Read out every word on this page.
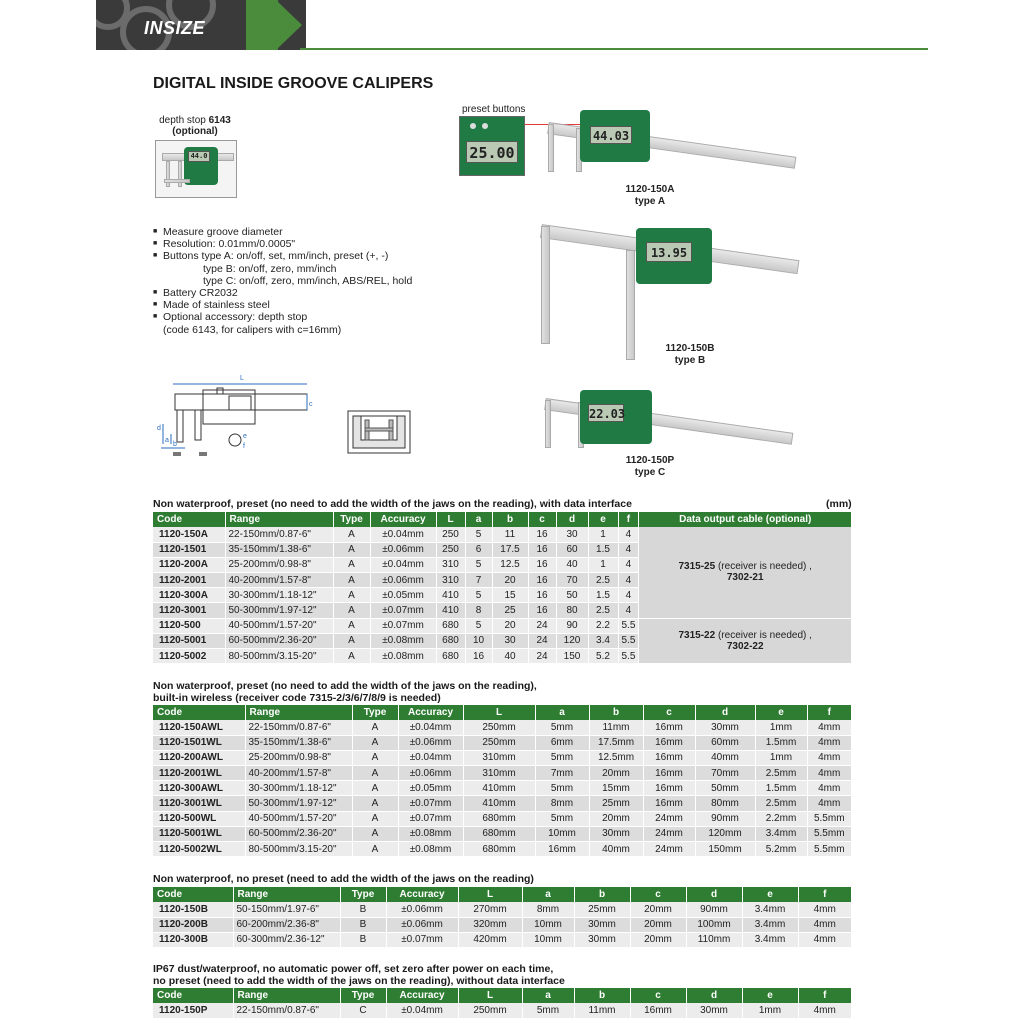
INSIZE
DIGITAL INSIDE GROOVE CALIPERS
depth stop 6143
(optional)
44.0
preset buttons
25.00
44.03
1120-150A
type A
13.95
1120-150B
type B
22.03
1120-150P
type C
■ Measure groove diameter
■ Resolution: 0.01mm/0.0005"
■ Buttons type A: on/off, set, mm/inch, preset (+, -)
type B: on/off, zero, mm/inch
type C: on/off, zero, mm/inch, ABS/REL, hold
■ Battery CR2032
■ Made of stainless steel
■ Optional accessory: depth stop
(code 6143, for calipers with c=16mm)
L
c
d
a
b
e
f
Non waterproof, preset (no need to add the width of the jaws on the reading), with data interface	(mm)
Code	Range	Type	Accuracy	L	a	b	c	d	e	f	Data output cable (optional)
1120-150A	22-150mm/0.87-6"	A	±0.04mm	250	5	11	16	30	1	4	7315-25 (receiver is needed) ,
7302-21

1120-1501	35-150mm/1.38-6"	A	±0.06mm	250	6	17.5	16	60	1.5	4	
1120-200A	25-200mm/0.98-8"	A	±0.04mm	310	5	12.5	16	40	1	4	
1120-2001	40-200mm/1.57-8"	A	±0.06mm	310	7	20	16	70	2.5	4	
1120-300A	30-300mm/1.18-12"	A	±0.05mm	410	5	15	16	50	1.5	4	
1120-3001	50-300mm/1.97-12"	A	±0.07mm	410	8	25	16	80	2.5	4	
1120-500	40-500mm/1.57-20"	A	±0.07mm	680	5	20	24	90	2.2	5.5	7315-22 (receiver is needed) ,
7302-22

1120-5001	60-500mm/2.36-20"	A	±0.08mm	680	10	30	24	120	3.4	5.5	
1120-5002	80-500mm/3.15-20"	A	±0.08mm	680	16	40	24	150	5.2	5.5	
Non waterproof, preset (no need to add the width of the jaws on the reading),
built-in wireless (receiver code 7315-2/3/6/7/8/9 is needed)
Code	Range	Type	Accuracy	L	a	b	c	d	e	f
1120-150AWL	22-150mm/0.87-6"	A	±0.04mm	250mm	5mm	11mm	16mm	30mm	1mm	4mm
1120-1501WL	35-150mm/1.38-6"	A	±0.06mm	250mm	6mm	17.5mm	16mm	60mm	1.5mm	4mm
1120-200AWL	25-200mm/0.98-8"	A	±0.04mm	310mm	5mm	12.5mm	16mm	40mm	1mm	4mm
1120-2001WL	40-200mm/1.57-8"	A	±0.06mm	310mm	7mm	20mm	16mm	70mm	2.5mm	4mm
1120-300AWL	30-300mm/1.18-12"	A	±0.05mm	410mm	5mm	15mm	16mm	50mm	1.5mm	4mm
1120-3001WL	50-300mm/1.97-12"	A	±0.07mm	410mm	8mm	25mm	16mm	80mm	2.5mm	4mm
1120-500WL	40-500mm/1.57-20"	A	±0.07mm	680mm	5mm	20mm	24mm	90mm	2.2mm	5.5mm
1120-5001WL	60-500mm/2.36-20"	A	±0.08mm	680mm	10mm	30mm	24mm	120mm	3.4mm	5.5mm
1120-5002WL	80-500mm/3.15-20"	A	±0.08mm	680mm	16mm	40mm	24mm	150mm	5.2mm	5.5mm
Non waterproof, no preset (need to add the width of the jaws on the reading)
Code	Range	Type	Accuracy	L	a	b	c	d	e	f
1120-150B	50-150mm/1.97-6"	B	±0.06mm	270mm	8mm	25mm	20mm	90mm	3.4mm	4mm
1120-200B	60-200mm/2.36-8"	B	±0.06mm	320mm	10mm	30mm	20mm	100mm	3.4mm	4mm
1120-300B	60-300mm/2.36-12"	B	±0.07mm	420mm	10mm	30mm	20mm	110mm	3.4mm	4mm
IP67 dust/waterproof, no automatic power off, set zero after power on each time,
no preset (need to add the width of the jaws on the reading), without data interface
Code	Range	Type	Accuracy	L	a	b	c	d	e	f
1120-150P	22-150mm/0.87-6"	C	±0.04mm	250mm	5mm	11mm	16mm	30mm	1mm	4mm
